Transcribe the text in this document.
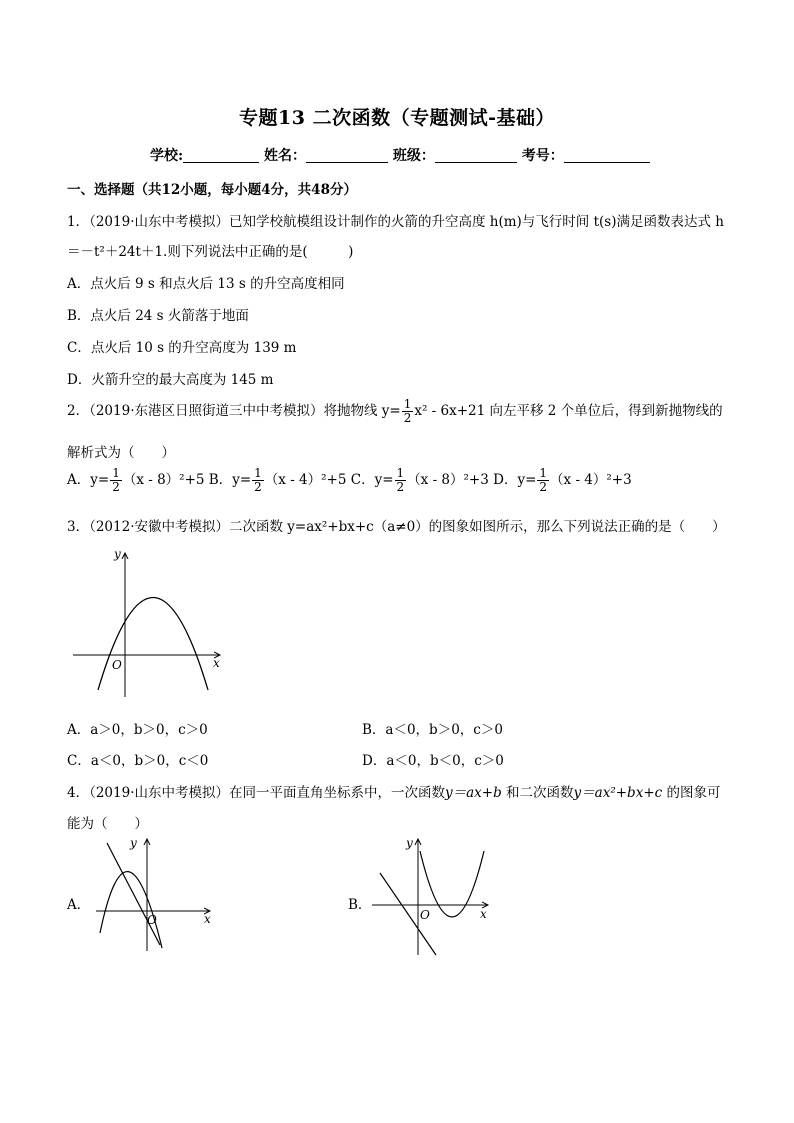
专题13 二次函数（专题测试-基础）
学校:	姓名：	班级：	考号：
一、选择题（共12小题，每小题4分，共48分）
1．（2019·山东中考模拟）已知学校航模组设计制作的火箭的升空高度 h(m)与飞行时间 t(s)满足函数表达式 h
＝－t²＋24t＋1.则下列说法中正确的是(　　　)
A．点火后 9 s 和点火后 13 s 的升空高度相同
B．点火后 24 s 火箭落于地面
C．点火后 10 s 的升空高度为 139 m
D．火箭升空的最大高度为 145 m
2．（2019·东港区日照街道三中中考模拟）将抛物线 $y= \frac{1}{2} x^2 - 6x+21$ 向左平移 2 个单位后，得到新抛物线的
解析式为（　　）
A．$y= \frac{1}{2} (x - 8)^2+5$ B．$y= \frac{1}{2} (x - 4)^2+5$ C．$y= \frac{1}{2} (x - 8)^2+3$ D．$y= \frac{1}{2} (x - 4)^2+3$
3．（2012·安徽中考模拟）二次函数 y=ax²+bx+c（a≠0）的图象如图所示，那么下列说法正确的是（　　）
y
x
O
A．a＞0，b＞0，c＞0	B．a＜0，b＞0，c＞0
C．a＜0，b＞0，c＜0	D．a＜0，b＜0，c＞0
4．（2019·山东中考模拟）在同一平面直角坐标系中，一次函数y＝ax+b 和二次函数y＝ax²+bx+c 的图象可
能为（　　）
A．
y
x
O
B．
y
x
O
